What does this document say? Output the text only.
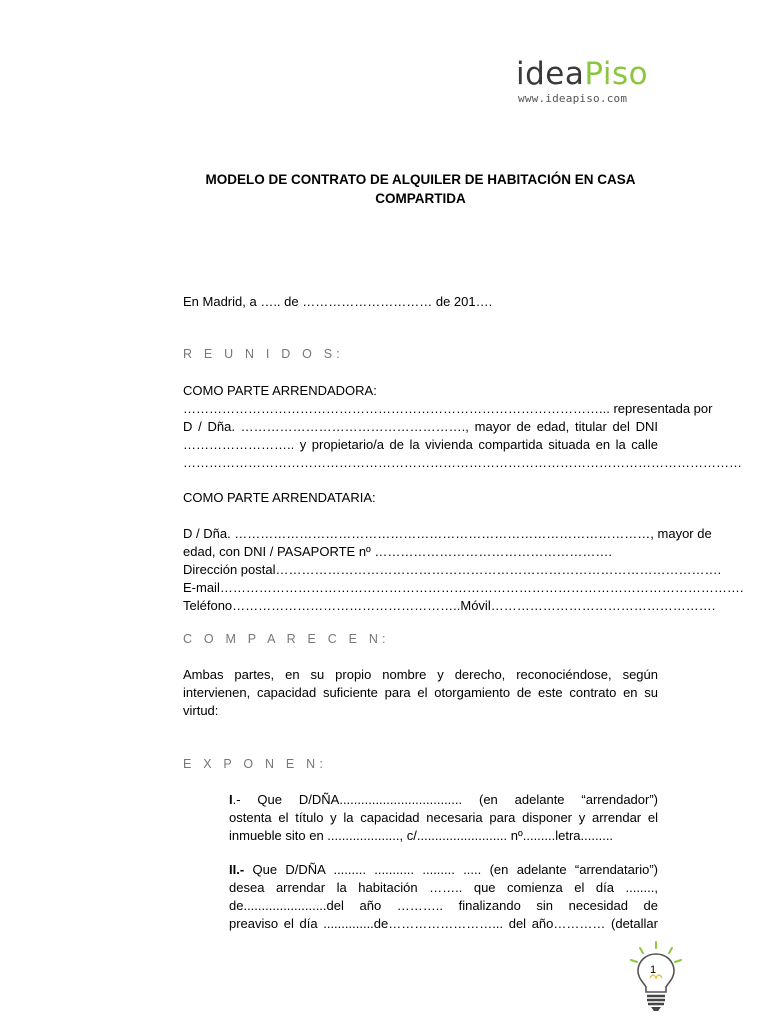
ideaPiso
www.ideapiso.com
MODELO DE CONTRATO DE ALQUILER DE HABITACIÓN EN CASA COMPARTIDA
En Madrid, a ….. de ………………………… de 201….
R E U N I D O S:
COMO PARTE ARRENDADORA:
……………………………………………………………………………………... representada por
D / Dña. ……………………………………………., mayor de edad, titular del DNI
…………………….. y propietario/a de la vivienda compartida situada en la calle
…………………………………………………………………………………………………………………
COMO PARTE ARRENDATARIA:
D / Dña. ……………………………………………………………………………………, mayor de
edad, con DNI / PASAPORTE nº ……………………………………………….
Dirección postal………………………………………………………………………………………….
E-mail………………………………………………………………………………………………………….
Teléfono……………………………………………..Móvil…………………………………………….
C O M P A R E C E N:
Ambas partes, en su propio nombre y derecho, reconociéndose, según intervienen, capacidad suficiente para el otorgamiento de este contrato en su virtud:
E X P O N E N:
I.- Que D/DÑA.................................. (en adelante “arrendador”)
ostenta el título y la capacidad necesaria para disponer y arrendar el
inmueble sito en ...................., c/......................... nº.........letra.........
II.- Que D/DÑA ......... ........... ......... ..... (en adelante “arrendatario”)
desea arrendar la habitación …….. que comienza el día ........,
de.......................del año ……….. finalizando sin necesidad de
preaviso el día ..............de……………………... del año………… (detallar
1
